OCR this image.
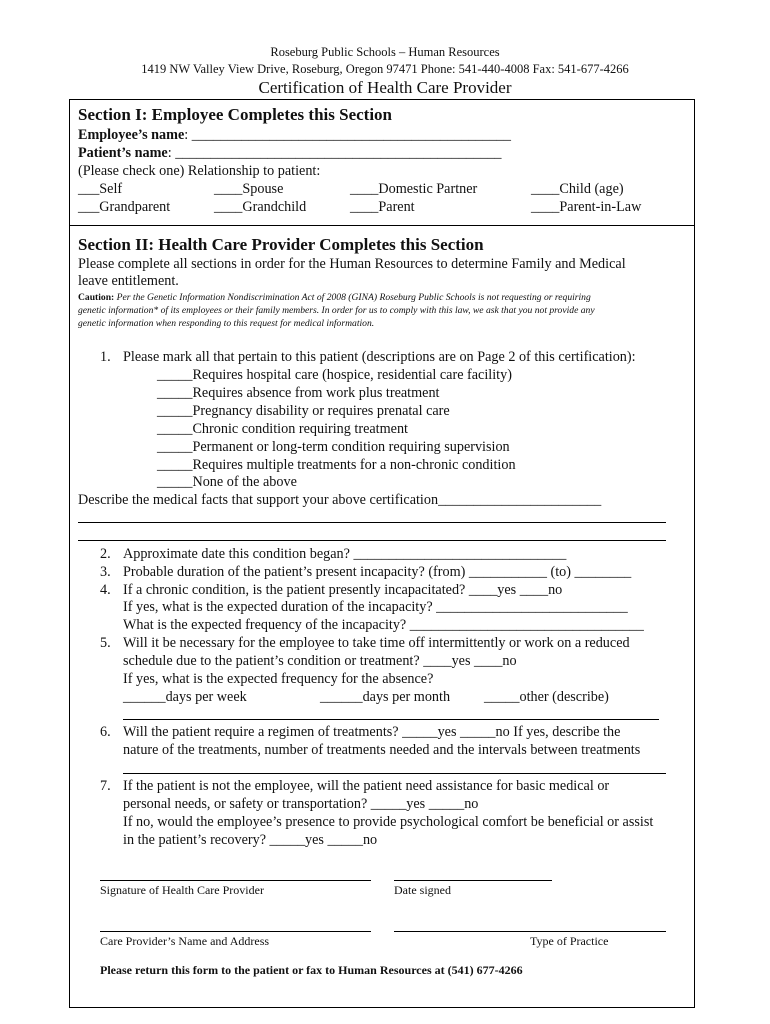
Roseburg Public Schools – Human Resources
1419 NW Valley View Drive, Roseburg, Oregon 97471 Phone: 541-440-4008 Fax: 541-677-4266
Certification of Health Care Provider
Section I: Employee Completes this Section
Employee’s name: _____________________________________________
Patient’s name: ______________________________________________
(Please check one) Relationship to patient:
___Self	____Spouse	____Domestic Partner	____Child (age)
___Grandparent	____Grandchild	____Parent	____Parent-in-Law
Section II: Health Care Provider Completes this Section
Please complete all sections in order for the Human Resources to determine Family and Medical
leave entitlement.
Caution: Per the Genetic Information Nondiscrimination Act of 2008 (GINA) Roseburg Public Schools is not requesting or requiring
genetic information* of its employees or their family members. In order for us to comply with this law, we ask that you not provide any
genetic information when responding to this request for medical information.
1. Please mark all that pertain to this patient (descriptions are on Page 2 of this certification):
_____Requires hospital care (hospice, residential care facility)
_____Requires absence from work plus treatment
_____Pregnancy disability or requires prenatal care
_____Chronic condition requiring treatment
_____Permanent or long-term condition requiring supervision
_____Requires multiple treatments for a non-chronic condition
_____None of the above
Describe the medical facts that support your above certification_______________________
2. Approximate date this condition began? ______________________________
3. Probable duration of the patient’s present incapacity? (from) ___________ (to) ________
4. If a chronic condition, is the patient presently incapacitated? ____yes ____no
If yes, what is the expected duration of the incapacity? ___________________________
What is the expected frequency of the incapacity? _________________________________
5. Will it be necessary for the employee to take time off intermittently or work on a reduced
schedule due to the patient’s condition or treatment? ____yes ____no
If yes, what is the expected frequency for the absence?
______days per week	______days per month _____other (describe)
6. Will the patient require a regimen of treatments? _____yes _____no If yes, describe the
nature of the treatments, number of treatments needed and the intervals between treatments
7. If the patient is not the employee, will the patient need assistance for basic medical or
personal needs, or safety or transportation? _____yes _____no
If no, would the employee’s presence to provide psychological comfort be beneficial or assist
in the patient’s recovery? _____yes _____no
Signature of Health Care Provider	Date signed
Care Provider’s Name and Address	Type of Practice
Please return this form to the patient or fax to Human Resources at (541) 677-4266
